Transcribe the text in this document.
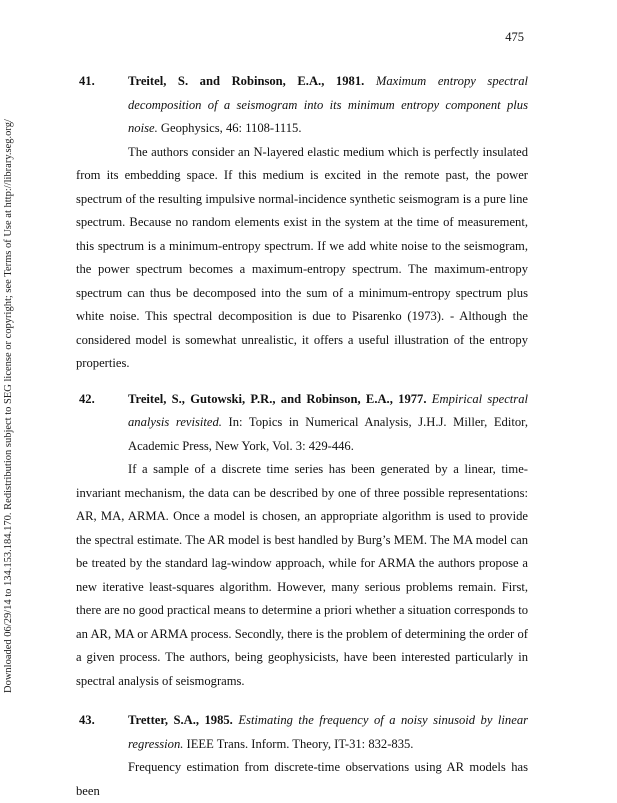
475
Downloaded 06/29/14 to 134.153.184.170. Redistribution subject to SEG license or copyright; see Terms of Use at http://library.seg.org/
41.	Treitel, S. and Robinson, E.A., 1981. Maximum entropy spectral decomposition of a seismogram into its minimum entropy component plus noise. Geophysics, 46: 1108-1115.

The authors consider an N-layered elastic medium which is perfectly insulated from its embedding space. If this medium is excited in the remote past, the power spectrum of the resulting impulsive normal-incidence synthetic seismogram is a pure line spectrum. Because no random elements exist in the system at the time of measurement, this spectrum is a minimum-entropy spectrum. If we add white noise to the seismogram, the power spectrum becomes a maximum-entropy spectrum. The maximum-entropy spectrum can thus be decomposed into the sum of a minimum-entropy spectrum plus white noise. This spectral decomposition is due to Pisarenko (1973). - Although the considered model is somewhat unrealistic, it offers a useful illustration of the entropy properties.

42.	Treitel, S., Gutowski, P.R., and Robinson, E.A., 1977. Empirical spectral analysis revisited. In: Topics in Numerical Analysis, J.H.J. Miller, Editor, Academic Press, New York, Vol. 3: 429-446.

If a sample of a discrete time series has been generated by a linear, time-invariant mechanism, the data can be described by one of three possible representations: AR, MA, ARMA. Once a model is chosen, an appropriate algorithm is used to provide the spectral estimate. The AR model is best handled by Burg’s MEM. The MA model can be treated by the standard lag-window approach, while for ARMA the authors propose a new iterative least-squares algorithm. However, many serious problems remain. First, there are no good practical means to determine a priori whether a situation corresponds to an AR, MA or ARMA process. Secondly, there is the problem of determining the order of a given process. The authors, being geophysicists, have been interested particularly in spectral analysis of seismograms.

43.	Tretter, S.A., 1985. Estimating the frequency of a noisy sinusoid by linear regression. IEEE Trans. Inform. Theory, IT-31: 832-835.

Frequency estimation from discrete-time observations using AR models has been
